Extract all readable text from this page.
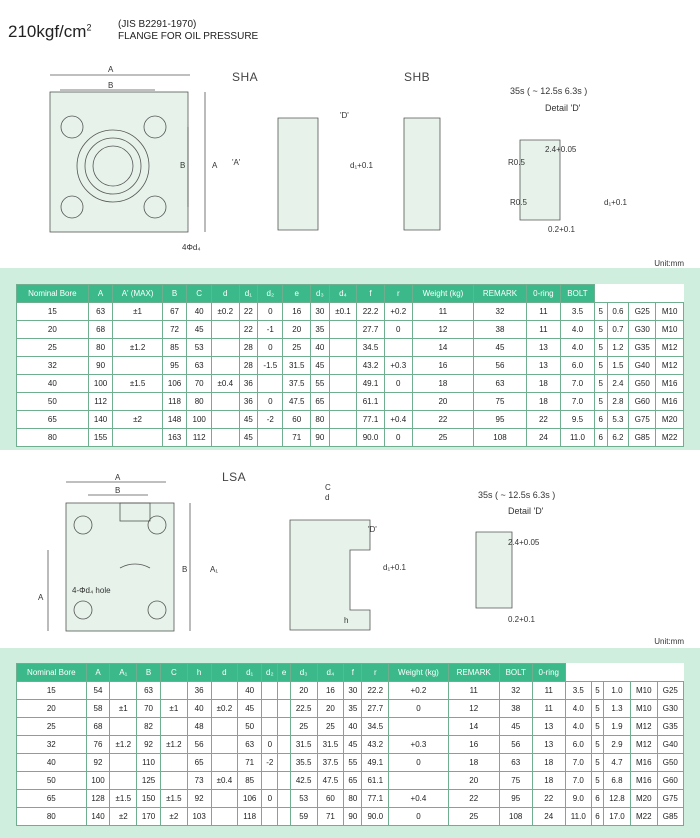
$210kgf/cm^2$	(JIS B2291-1970)
FLANGE FOR OIL PRESSURE
A
B
B	A
4Φd₄
'A'	d₁+0.1
d₁+0.1
2.4+0.05
0.2+0.1
R0.5
R0.5
'D'
SHA	SHB
35s ( ~ 12.5s 6.3s )
Detail 'D'
Unit:mm
Nominal Bore	A	A' (MAX)	B	C	d	d₁	d₂	e	d₃	d₄	f	r	Weight (kg)	REMARK	0-ring	BOLT				
15	63	±1	67	40	±0.2	22	0	16	30	±0.1	22.2	+0.2	11	32	11	3.5	5	0.6	G25	M10
20	68		72	45		22	-1	20	35		27.7	0	12	38	11	4.0	5	0.7	G30	M10
25	80	±1.2	85	53		28	0	25	40		34.5		14	45	13	4.0	5	1.2	G35	M12
32	90		95	63		28	-1.5	31.5	45		43.2	+0.3	16	56	13	6.0	5	1.5	G40	M12
40	100	±1.5	106	70	±0.4	36		37.5	55		49.1	0	18	63	18	7.0	5	2.4	G50	M16
50	112		118	80		36	0	47.5	65		61.1		20	75	18	7.0	5	2.8	G60	M16
65	140	±2	148	100		45	-2	60	80		77.1	+0.4	22	95	22	9.5	6	5.3	G75	M20
80	155		163	112		45		71	90		90.0	0	25	108	24	11.0	6	6.2	G85	M22
A
B
B	A₁
A
C
d
d₁+0.1
h
2.4+0.05
0.2+0.1
'D'
LSA
4-Φd₄ hole
35s ( ~ 12.5s 6.3s )
Detail 'D'
Unit:mm
Nominal Bore	A	A₁	B	C	h	d	d₁	d₂	e	d₃	d₄	f	r	Weight (kg)	REMARK	BOLT	0-ring					
15	54		63		36		40			20	16	30	22.2	+0.2	11	32	11	3.5	5	1.0	M10	G25
20	58	±1	70	±1	40	±0.2	45			22.5	20	35	27.7	0	12	38	11	4.0	5	1.3	M10	G30
25	68		82		48		50			25	25	40	34.5		14	45	13	4.0	5	1.9	M12	G35
32	76	±1.2	92	±1.2	56		63	0		31.5	31.5	45	43.2	+0.3	16	56	13	6.0	5	2.9	M12	G40
40	92		110		65		71	-2		35.5	37.5	55	49.1	0	18	63	18	7.0	5	4.7	M16	G50
50	100		125		73	±0.4	85			42.5	47.5	65	61.1		20	75	18	7.0	5	6.8	M16	G60
65	128	±1.5	150	±1.5	92		106	0		53	60	80	77.1	+0.4	22	95	22	9.0	6	12.8	M20	G75
80	140	±2	170	±2	103		118			59	71	90	90.0	0	25	108	24	11.0	6	17.0	M22	G85
